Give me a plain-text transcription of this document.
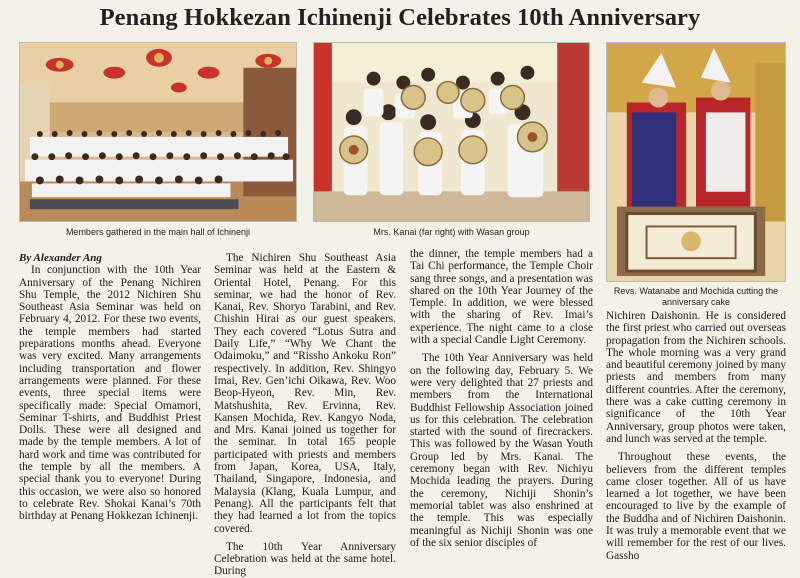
Penang Hokkezan Ichinenji Celebrates 10th Anniversary
Members gathered in the main hall of Ichinenji	Mrs. Kanai (far right) with Wasan group
Revs. Watanabe and Mochida cutting the anniversary cake

By Alexander Ang

In conjunction with the 10th Year Anniversary of the Penang Nichiren Shu Temple, the 2012 Nichiren Shu Southeast Asia Seminar was held on February 4, 2012. For these two events, the temple members had started preparations months ahead. Everyone was very excited. Many arrangements including transportation and flower arrangements were planned. For these events, three special items were specifically made: Special Omamori, Seminar T-shirts, and Buddhist Priest Dolls. These were all designed and made by the temple members. A lot of hard work and time was contributed for the temple by all the members. A special thank you to everyone! During this occasion, we were also so honored to celebrate Rev. Shokai Kanai’s 70th birthday at Penang Hokkezan Ichinenji.

The Nichiren Shu Southeast Asia Seminar was held at the Eastern & Oriental Hotel, Penang. For this seminar, we had the honor of Rev. Kanai, Rev. Shoryo Tarabini, and Rev. Chishin Hirai as our guest speakers. They each covered “Lotus Sutra and Daily Life,” “Why We Chant the Odaimoku,” and “Rissho Ankoku Ron” respectively. In addition, Rev. Shingyo Imai, Rev. Gen’ichi Oikawa, Rev. Woo Beop-Hyeon, Rev. Min, Rev. Matshushita, Rev. Ervinna, Rev. Kansen Mochida, Rev. Kangyo Noda, and Mrs. Kanai joined us together for the seminar. In total 165 people participated with priests and members from Japan, Korea, USA, Italy, Thailand, Singapore, Indonesia, and Malaysia (Klang, Kuala Lumpur, and Penang). All the participants felt that they had learned a lot from the topics covered.

The 10th Year Anniversary Celebration was held at the same hotel. During

the dinner, the temple members had a Tai Chi performance, the Temple Choir sang three songs, and a presentation was shared on the 10th Year Journey of the Temple. In addition, we were blessed with the sharing of Rev. Imai’s experience. The night came to a close with a special Candle Light Ceremony.

The 10th Year Anniversary was held on the following day, February 5. We were very delighted that 27 priests and members from the International Buddhist Fellowship Association joined us for this celebration. The celebration started with the sound of firecrackers. This was followed by the Wasan Youth Group led by Mrs. Kanai. The ceremony began with Rev. Nichiyu Mochida leading the prayers. During the ceremony, Nichiji Shonin’s memorial tablet was also enshrined at the temple. This was especially meaningful as Nichiji Shonin was one of the six senior disciples of

Nichiren Daishonin. He is considered the first priest who carried out overseas propagation from the Nichiren schools. The whole morning was a very grand and beautiful ceremony joined by many priests and members from many different countries. After the ceremony, there was a cake cutting ceremony in significance of the 10th Year Anniversary, group photos were taken, and lunch was served at the temple.

Throughout these events, the believers from the different temples came closer together. All of us have learned a lot together, we have been encouraged to live by the example of the Buddha and of Nichiren Daishonin. It was truly a memorable event that we will remember for the rest of our lives. Gassho
